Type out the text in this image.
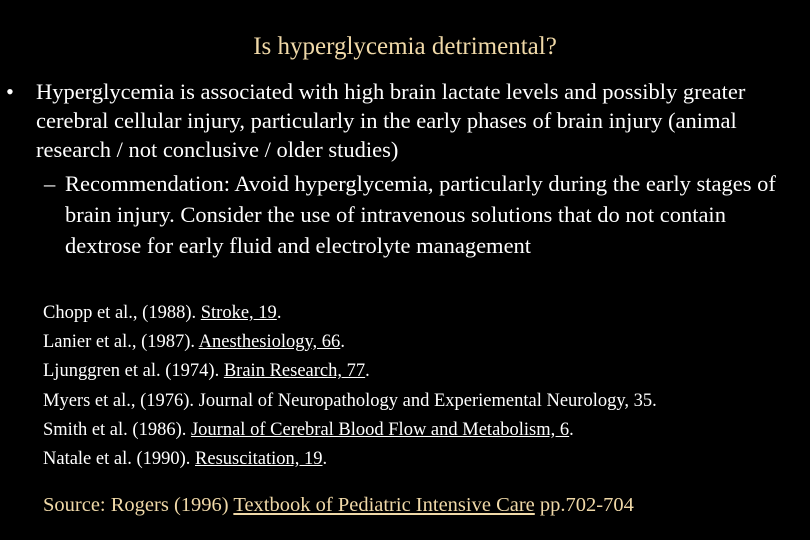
Is hyperglycemia detrimental?
• Hyperglycemia is associated with high brain lactate levels and possibly greater cerebral cellular injury, particularly in the early phases of brain injury (animal research / not conclusive / older studies)
– Recommendation: Avoid hyperglycemia, particularly during the early stages of brain injury. Consider the use of intravenous solutions that do not contain dextrose for early fluid and electrolyte management
Chopp et al., (1988). Stroke, 19.
Lanier et al., (1987). Anesthesiology, 66.
Ljunggren et al. (1974). Brain Research, 77.
Myers et al., (1976). Journal of Neuropathology and Experiemental Neurology, 35.
Smith et al. (1986). Journal of Cerebral Blood Flow and Metabolism, 6.
Natale et al. (1990). Resuscitation, 19.
Source: Rogers (1996) Textbook of Pediatric Intensive Care pp.702-704
